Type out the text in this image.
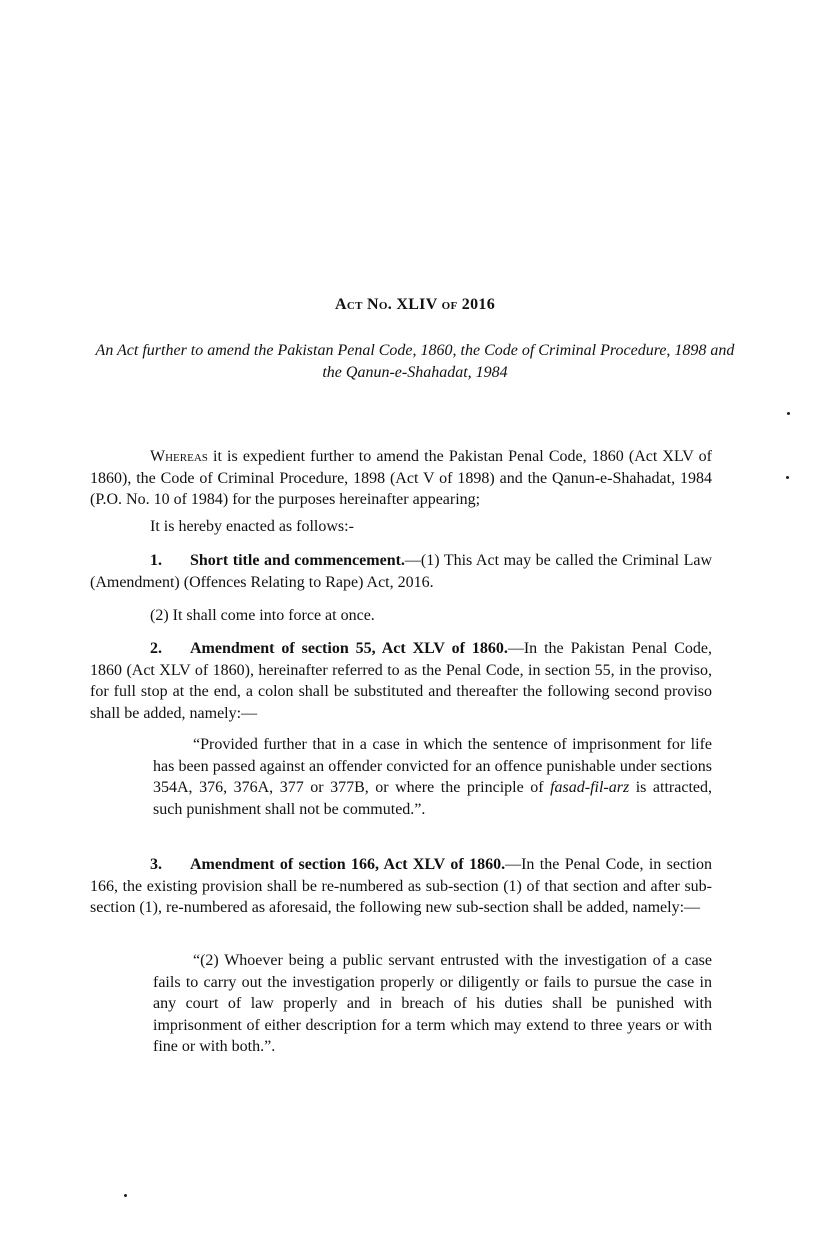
Act No. XLIV of 2016
An Act further to amend the Pakistan Penal Code, 1860, the Code of Criminal Procedure, 1898 and the Qanun-e-Shahadat, 1984
Whereas it is expedient further to amend the Pakistan Penal Code, 1860 (Act XLV of 1860), the Code of Criminal Procedure, 1898 (Act V of 1898) and the Qanun-e-Shahadat, 1984 (P.O. No. 10 of 1984) for the purposes hereinafter appearing;
It is hereby enacted as follows:-
1. Short title and commencement.—(1) This Act may be called the Criminal Law (Amendment) (Offences Relating to Rape) Act, 2016.
(2) It shall come into force at once.
2. Amendment of section 55, Act XLV of 1860.—In the Pakistan Penal Code, 1860 (Act XLV of 1860), hereinafter referred to as the Penal Code, in section 55, in the proviso, for full stop at the end, a colon shall be substituted and thereafter the following second proviso shall be added, namely:—
“Provided further that in a case in which the sentence of imprisonment for life has been passed against an offender convicted for an offence punishable under sections 354A, 376, 376A, 377 or 377B, or where the principle of fasad-fil-arz is attracted, such punishment shall not be commuted.”.
3. Amendment of section 166, Act XLV of 1860.—In the Penal Code, in section 166, the existing provision shall be re-numbered as sub-section (1) of that section and after sub-section (1), re-numbered as aforesaid, the following new sub-section shall be added, namely:—
“(2) Whoever being a public servant entrusted with the investigation of a case fails to carry out the investigation properly or diligently or fails to pursue the case in any court of law properly and in breach of his duties shall be punished with imprisonment of either description for a term which may extend to three years or with fine or with both.”.
